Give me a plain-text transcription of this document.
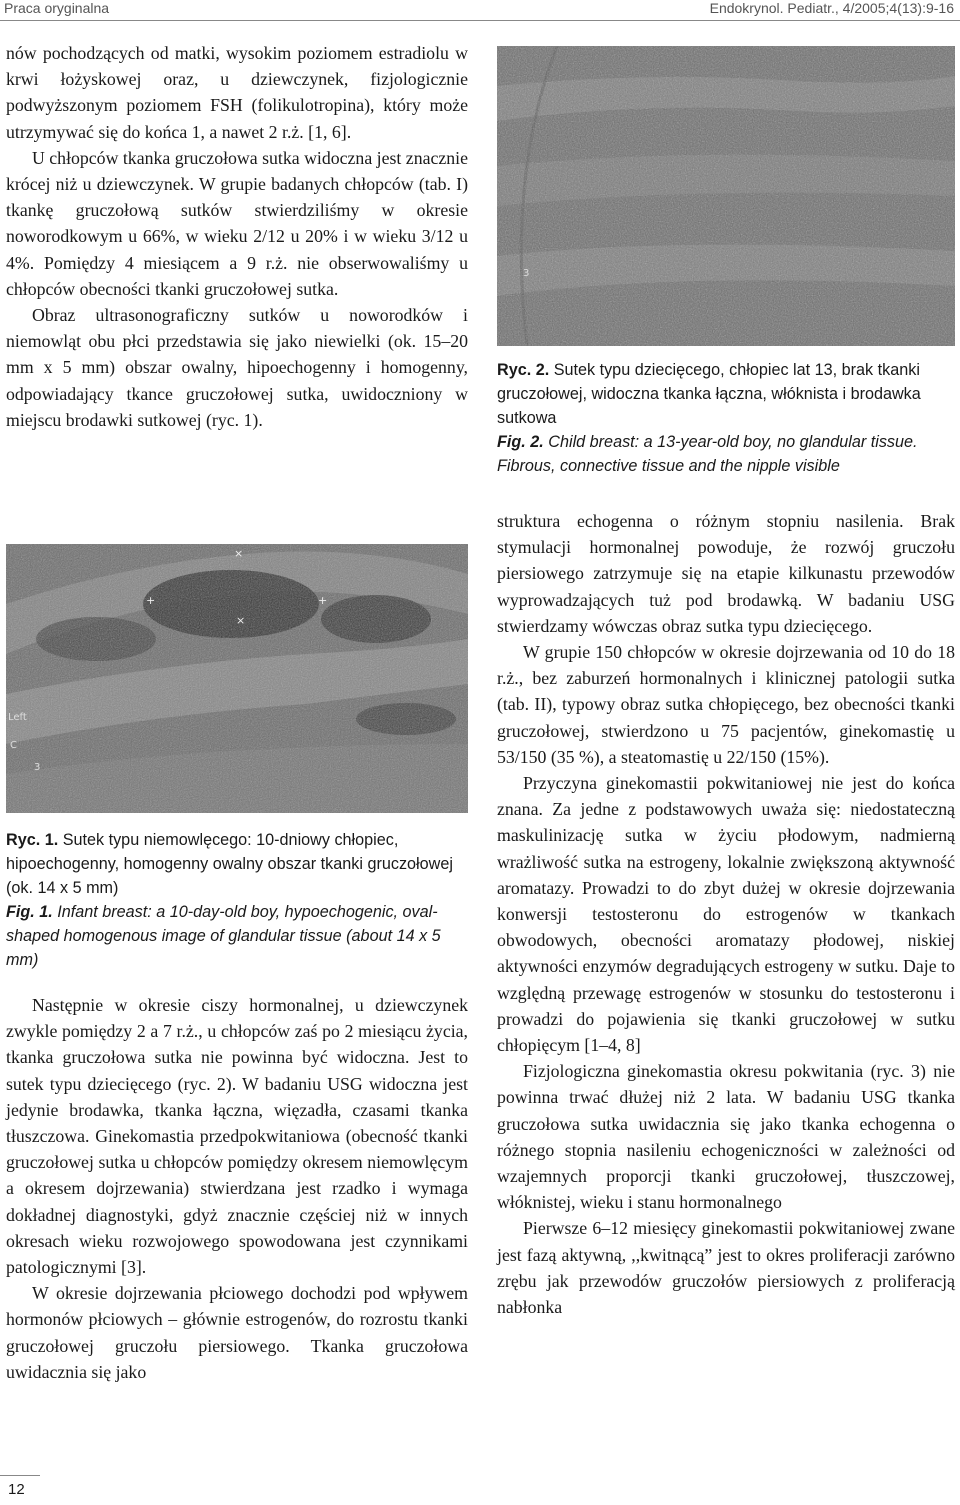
Praca oryginalna	Endokrynol. Pediatr., 4/2005;4(13):9-16

nów pochodzących od matki, wysokim poziomem estradiolu w krwi łożyskowej oraz, u dziewczynek, fizjologicznie podwyższonym poziomem FSH (folikulotropina), który może utrzymywać się do końca 1, a nawet 2 r.ż. [1, 6].

U chłopców tkanka gruczołowa sutka widoczna jest znacznie krócej niż u dziewczynek. W grupie badanych chłopców (tab. I) tkankę gruczołową sutków stwierdziliśmy w okresie noworodkowym u 66%, w wieku 2/12 u 20% i w wieku 3/12 u 4%. Pomiędzy 4 miesiącem a 9 r.ż. nie obserwowaliśmy u chłopców obecności tkanki gruczołowej sutka.

Obraz ultrasonograficzny sutków u noworodków i niemowląt obu płci przedstawia się jako niewielki (ok. 15–20 mm x 5 mm) obszar owalny, hipoechogenny i homogenny, odpowiadający tkance gruczołowej sutka, uwidoczniony w miejscu brodawki sutkowej (ryc. 1).

×
+	+
×
Left
C
3

Ryc. 1. Sutek typu niemowlęcego: 10-dniowy chłopiec, hipoechogenny, homogenny owalny obszar tkanki gruczołowej (ok. 14 x 5 mm)

Fig. 1. Infant breast: a 10-day-old boy, hypoechogenic, oval-shaped homogenous image of glandular tissue (about 14 x 5 mm)

Następnie w okresie ciszy hormonalnej, u dziewczynek zwykle pomiędzy 2 a 7 r.ż., u chłopców zaś po 2 miesiącu życia, tkanka gruczołowa sutka nie powinna być widoczna. Jest to sutek typu dziecięcego (ryc. 2). W badaniu USG widoczna jest jedynie brodawka, tkanka łączna, więzadła, czasami tkanka tłuszczowa. Ginekomastia przedpokwitaniowa (obecność tkanki gruczołowej sutka u chłopców pomiędzy okresem niemowlęcym a okresem dojrzewania) stwierdzana jest rzadko i wymaga dokładnej diagnostyki, gdyż znacznie częściej niż w innych okresach wieku rozwojowego spowodowana jest czynnikami patologicznymi [3].

W okresie dojrzewania płciowego dochodzi pod wpływem hormonów płciowych – głównie estrogenów, do rozrostu tkanki gruczołowej gruczołu piersiowego. Tkanka gruczołowa uwidacznia się jako

3

Ryc. 2. Sutek typu dziecięcego, chłopiec lat 13, brak tkanki gruczołowej, widoczna tkanka łączna, włóknista i brodawka sutkowa

Fig. 2. Child breast: a 13-year-old boy, no glandular tissue. Fibrous, connective tissue and the nipple visible

struktura echogenna o różnym stopniu nasilenia. Brak stymulacji hormonalnej powoduje, że rozwój gruczołu piersiowego zatrzymuje się na etapie kilkunastu przewodów wyprowadzających tuż pod brodawką. W badaniu USG stwierdzamy wówczas obraz sutka typu dziecięcego.

W grupie 150 chłopców w okresie dojrzewania od 10 do 18 r.ż., bez zaburzeń hormonalnych i klinicznej patologii sutka (tab. II), typowy obraz sutka chłopięcego, bez obecności tkanki gruczołowej, stwierdzono u 75 pacjentów, ginekomastię u 53/150 (35 %), a steatomastię u 22/150 (15%).

Przyczyna ginekomastii pokwitaniowej nie jest do końca znana. Za jedne z podstawowych uważa się: niedostateczną maskulinizację sutka w życiu płodowym, nadmierną wrażliwość sutka na estrogeny, lokalnie zwiększoną aktywność aromatazy. Prowadzi to do zbyt dużej w okresie dojrzewania konwersji testosteronu do estrogenów w tkankach obwodowych, obecności aromatazy płodowej, niskiej aktywności enzymów degradujących estrogeny w sutku. Daje to względną przewagę estrogenów w stosunku do testosteronu i prowadzi do pojawienia się tkanki gruczołowej w sutku chłopięcym [1–4, 8]

Fizjologiczna ginekomastia okresu pokwitania (ryc. 3) nie powinna trwać dłużej niż 2 lata. W badaniu USG tkanka gruczołowa sutka uwidacznia się jako tkanka echogenna o różnego stopnia nasileniu echogeniczności w zależności od wzajemnych proporcji tkanki gruczołowej, tłuszczowej, włóknistej, wieku i stanu hormonalnego

Pierwsze 6–12 miesięcy ginekomastii pokwitaniowej zwane jest fazą aktywną, ,,kwitnącą” jest to okres proliferacji zarówno zrębu jak przewodów gruczołów piersiowych z proliferacją nabłonka

12
